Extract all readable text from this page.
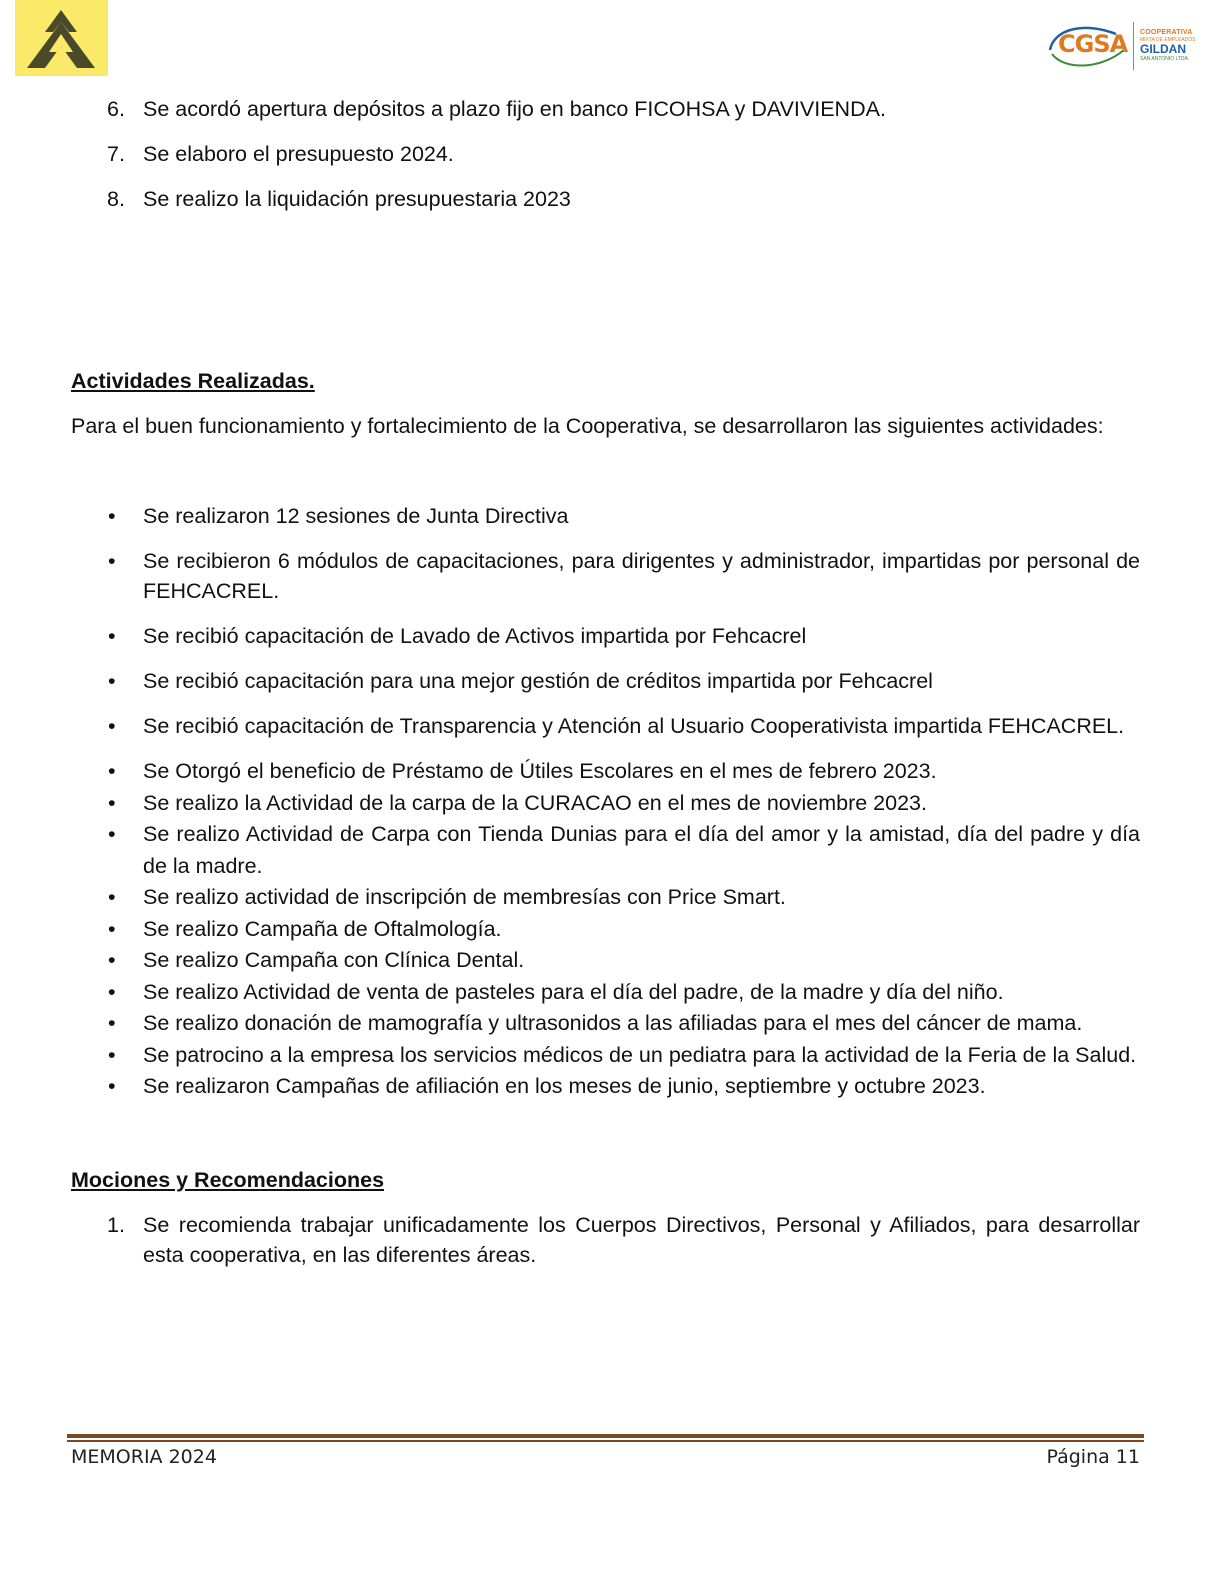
CGSA COOPERATIVA
MIXTA DE EMPLEADOS
GILDAN
SAN ANTONIO LTDA.

6. Se acordó apertura depósitos a plazo fijo en banco FICOHSA y DAVIVIENDA.

7. Se elaboro el presupuesto 2024.

8. Se realizo la liquidación presupuestaria 2023

Actividades Realizadas.

Para el buen funcionamiento y fortalecimiento de la Cooperativa, se desarrollaron las siguientes actividades:

• Se realizaron 12 sesiones de Junta Directiva

• Se recibieron 6 módulos de capacitaciones, para dirigentes y administrador, impartidas por personal de FEHCACREL.

• Se recibió capacitación de Lavado de Activos impartida por Fehcacrel

• Se recibió capacitación para una mejor gestión de créditos impartida por Fehcacrel

• Se recibió capacitación de Transparencia y Atención al Usuario Cooperativista impartida FEHCACREL.

• Se Otorgó el beneficio de Préstamo de Útiles Escolares en el mes de febrero 2023.

• Se realizo la Actividad de la carpa de la CURACAO en el mes de noviembre 2023.

• Se realizo Actividad de Carpa con Tienda Dunias para el día del amor y la amistad, día del padre y día de la madre.

• Se realizo actividad de inscripción de membresías con Price Smart.

• Se realizo Campaña de Oftalmología.

• Se realizo Campaña con Clínica Dental.

• Se realizo Actividad de venta de pasteles para el día del padre, de la madre y día del niño.

• Se realizo donación de mamografía y ultrasonidos a las afiliadas para el mes del cáncer de mama.

• Se patrocino a la empresa los servicios médicos de un pediatra para la actividad de la Feria de la Salud.

• Se realizaron Campañas de afiliación en los meses de junio, septiembre y octubre 2023.

Mociones y Recomendaciones

1. Se recomienda trabajar unificadamente los Cuerpos Directivos, Personal y Afiliados, para desarrollar esta cooperativa, en las diferentes áreas.

MEMORIA 2024	Página 11
